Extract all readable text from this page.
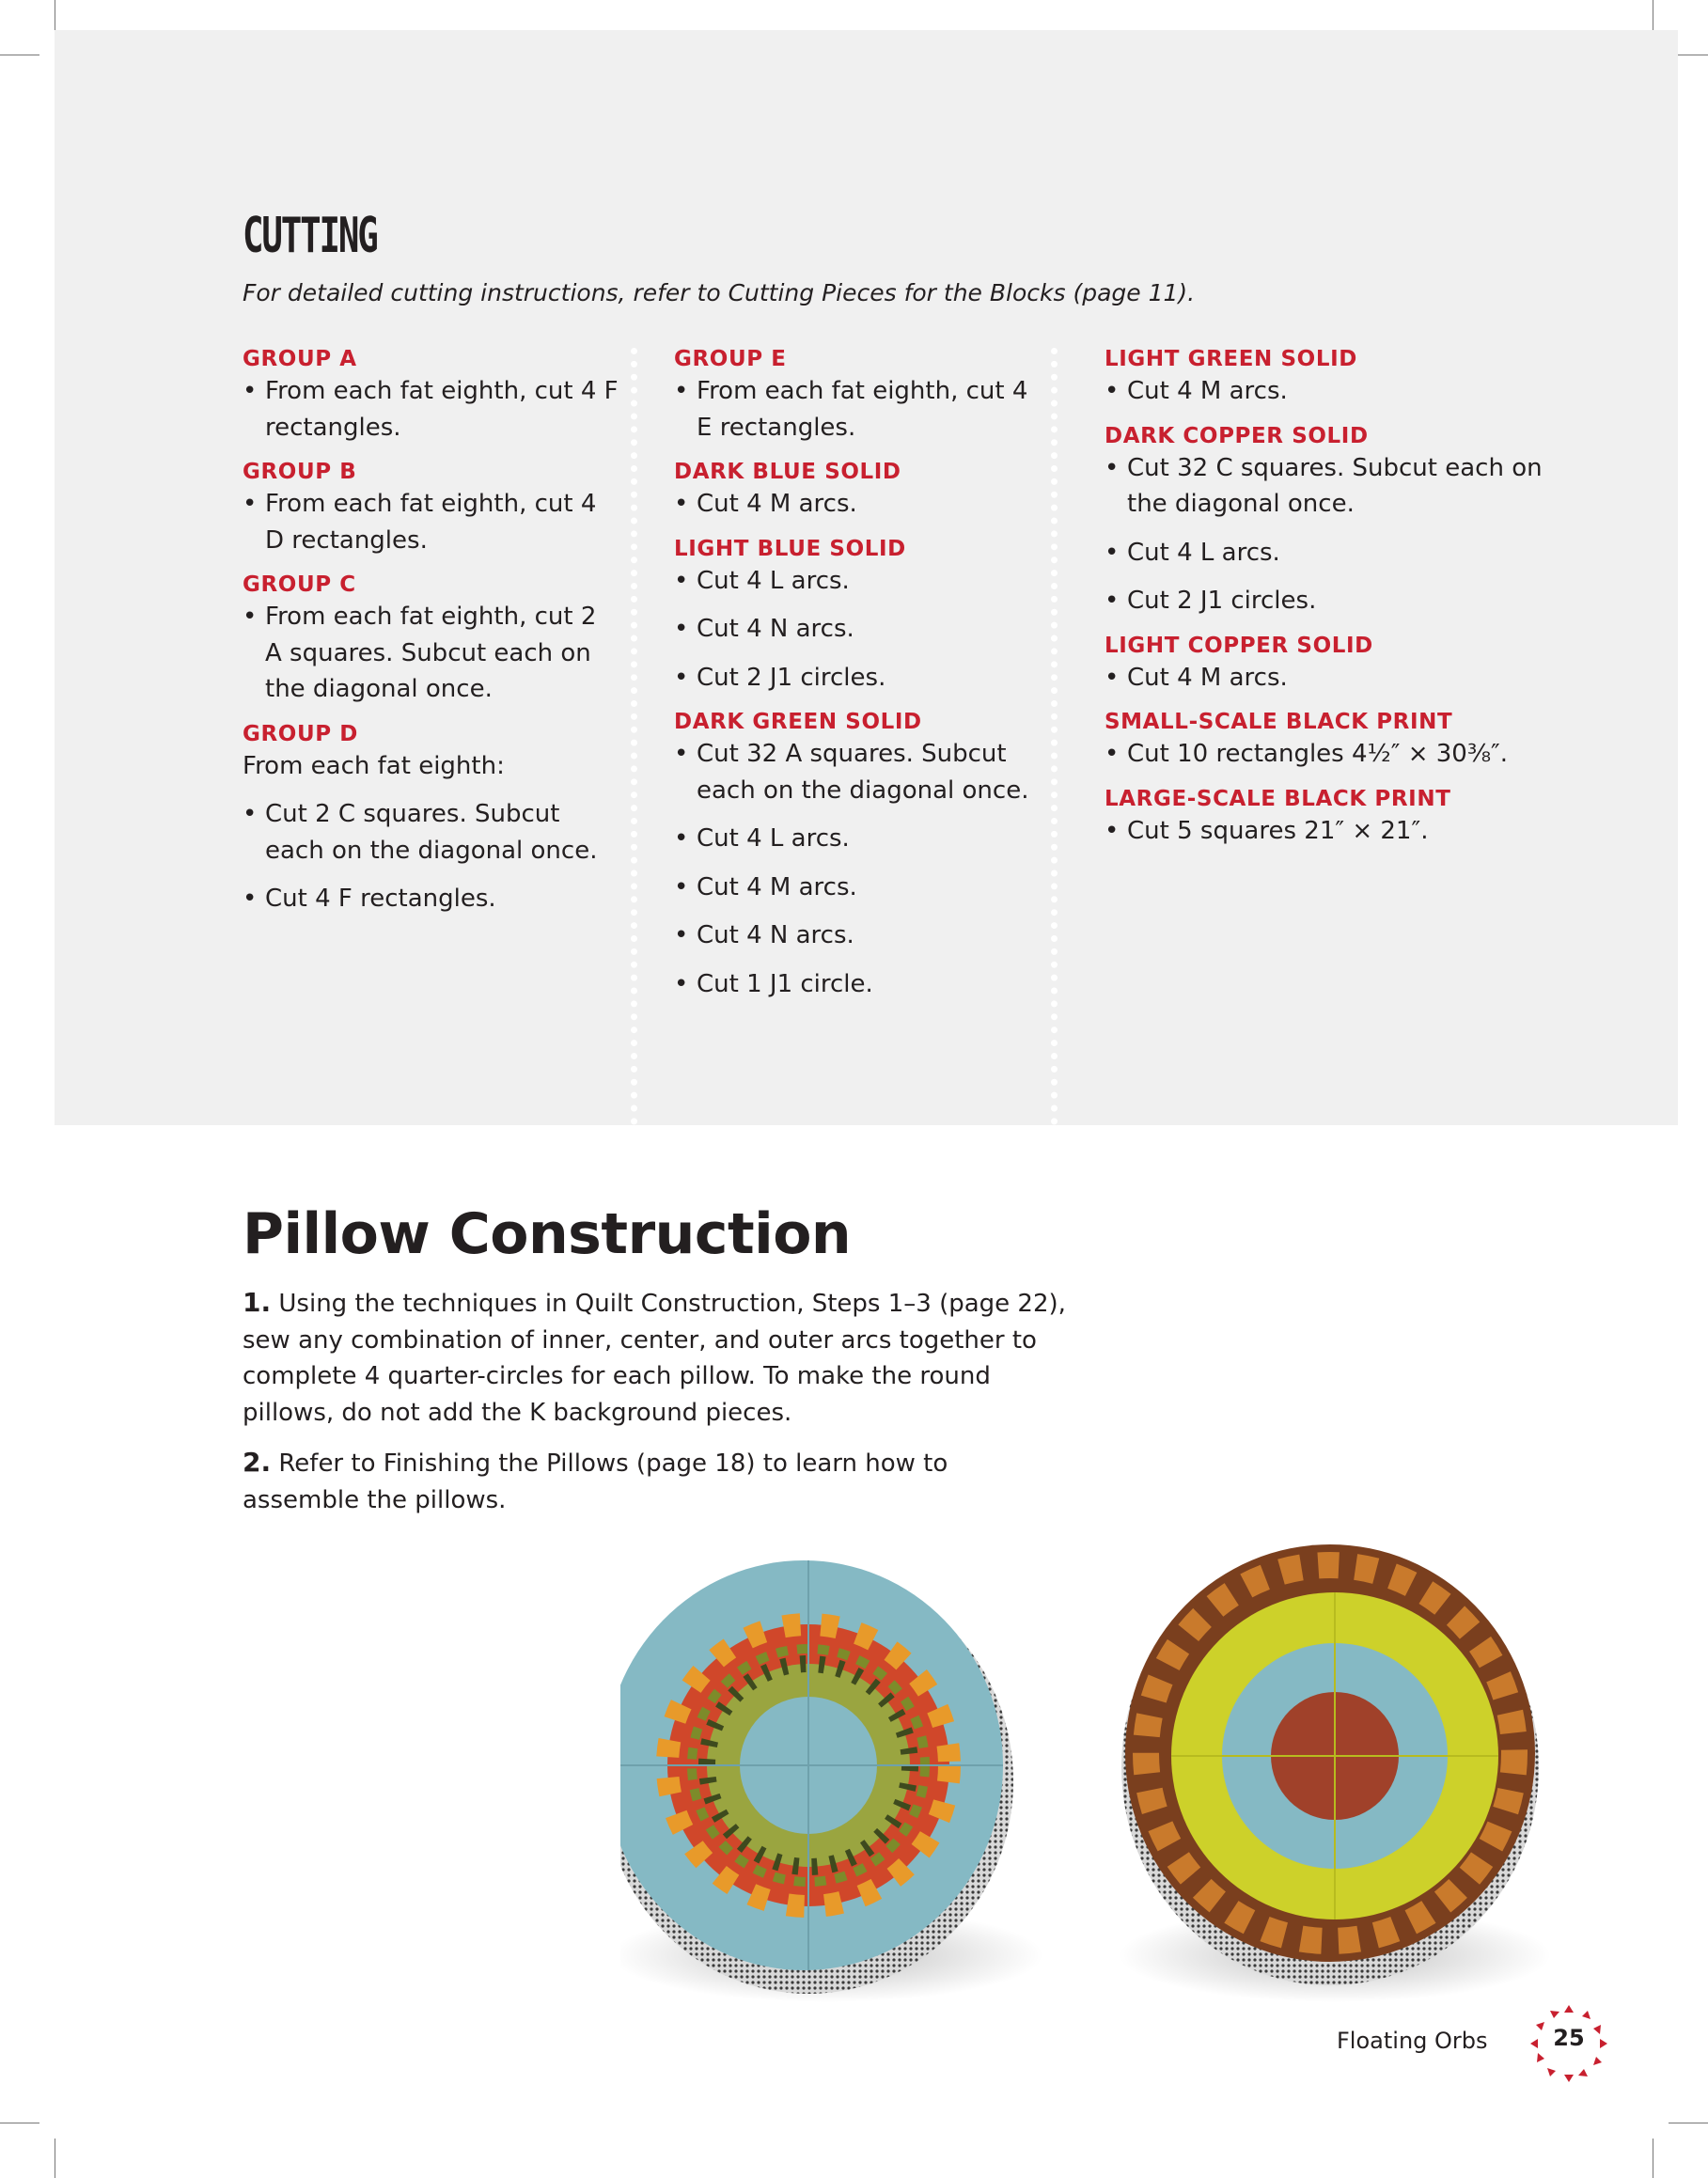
CUTTING

For detailed cutting instructions, refer to Cutting Pieces for the Blocks (page 11).

GROUP A

• From each fat eighth, cut 4 F rectangles.

GROUP B

• From each fat eighth, cut 4 D rectangles.

GROUP C

• From each fat eighth, cut 2 A squares. Subcut each on the diagonal once.

GROUP D

From each fat eighth:

• Cut 2 C squares. Subcut each on the diagonal once.
• Cut 4 F rectangles.

GROUP E

• From each fat eighth, cut 4 E rectangles.

DARK BLUE SOLID

• Cut 4 M arcs.

LIGHT BLUE SOLID

• Cut 4 L arcs.
• Cut 4 N arcs.
• Cut 2 J1 circles.

DARK GREEN SOLID

• Cut 32 A squares. Subcut each on the diagonal once.
• Cut 4 L arcs.
• Cut 4 M arcs.
• Cut 4 N arcs.
• Cut 1 J1 circle.

LIGHT GREEN SOLID

• Cut 4 M arcs.

DARK COPPER SOLID

• Cut 32 C squares. Subcut each on the diagonal once.
• Cut 4 L arcs.
• Cut 2 J1 circles.

LIGHT COPPER SOLID

• Cut 4 M arcs.

SMALL-SCALE BLACK PRINT

• Cut 10 rectangles 4½″ × 30⅜″.

LARGE-SCALE BLACK PRINT

• Cut 5 squares 21″ × 21″.
Pillow Construction

1. Using the techniques in Quilt Construction, Steps 1–3 (page 22), sew any combination of inner, center, and outer arcs together to complete 4 quarter-circles for each pillow. To make the round pillows, do not add the K background pieces.

2. Refer to Finishing the Pillows (page 18) to learn how to assemble the pillows.

Floating Orbs	25
